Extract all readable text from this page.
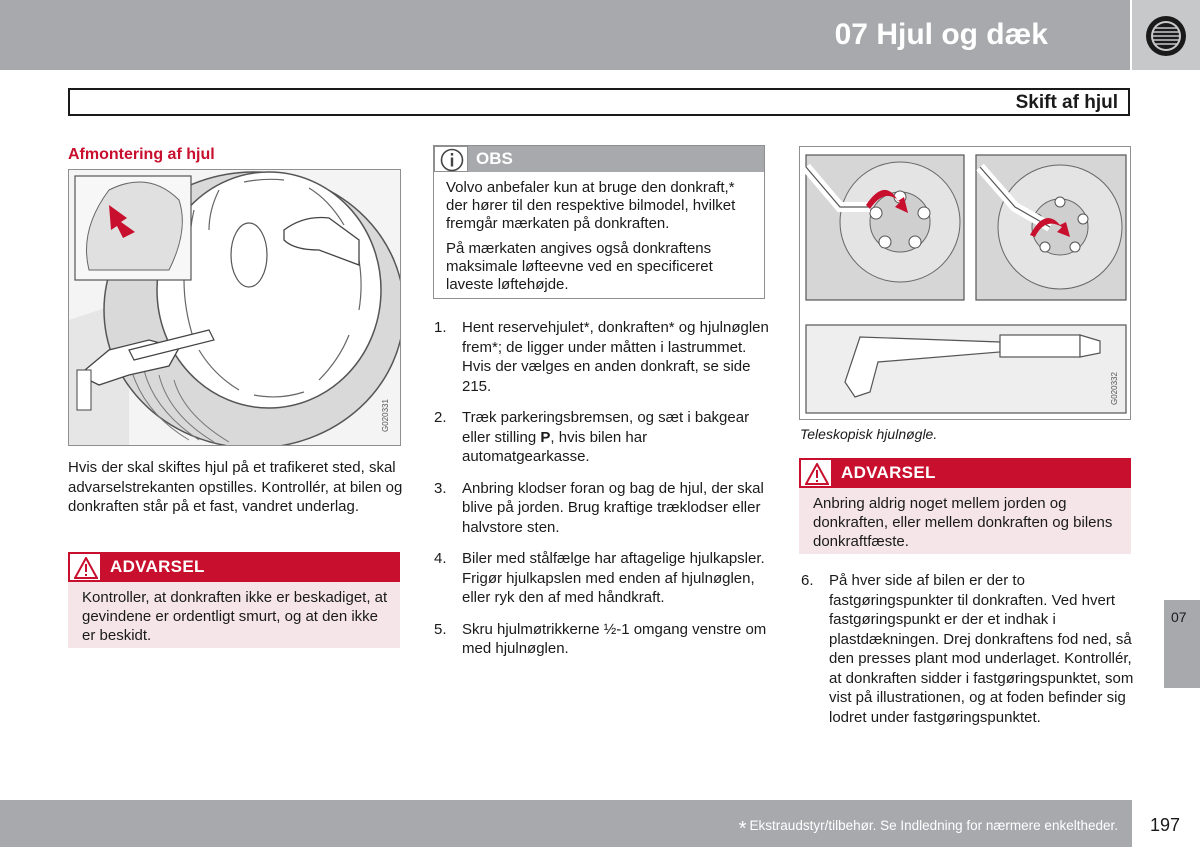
07 Hjul og dæk
Skift af hjul
Afmontering af hjul
G020331
Hvis der skal skiftes hjul på et trafikeret sted, skal advarselstrekanten opstilles. Kontrollér, at bilen og donkraften står på et fast, vandret underlag.
ADVARSEL
Kontroller, at donkraften ikke er beskadiget, at gevindene er ordentligt smurt, og at den ikke er beskidt.
OBS

Volvo anbefaler kun at bruge den donkraft,* der hører til den respektive bilmodel, hvilket fremgår mærkaten på donkraften.

På mærkaten angives også donkraftens maksimale løfteevne ved en specificeret laveste løftehøjde.

1. Hent reservehjulet*, donkraften* og hjulnøglen frem*; de ligger under måtten i lastrummet. Hvis der vælges en anden donkraft, se side 215.
2. Træk parkeringsbremsen, og sæt i bakgear eller stilling P, hvis bilen har automatgearkasse.
3. Anbring klodser foran og bag de hjul, der skal blive på jorden. Brug kraftige træklodser eller halvstore sten.
4. Biler med stålfælge har aftagelige hjulkapsler. Frigør hjulkapslen med enden af hjulnøglen, eller ryk den af med håndkraft.
5. Skru hjulmøtrikkerne ½-1 omgang venstre om med hjulnøglen.
G020332
Teleskopisk hjulnøgle.
ADVARSEL
Anbring aldrig noget mellem jorden og donkraften, eller mellem donkraften og bilens donkraftfæste.
6. På hver side af bilen er der to fastgøringspunkter til donkraften. Ved hvert fastgøringspunkt er der et indhak i plastdækningen. Drej donkraftens fod ned, så den presses plant mod underlaget. Kontrollér, at donkraften sidder i fastgøringspunktet, som vist på illustrationen, og at foden befinder sig lodret under fastgøringspunktet.
07
* Ekstraudstyr/tilbehør. Se Indledning for nærmere enkeltheder. 197
